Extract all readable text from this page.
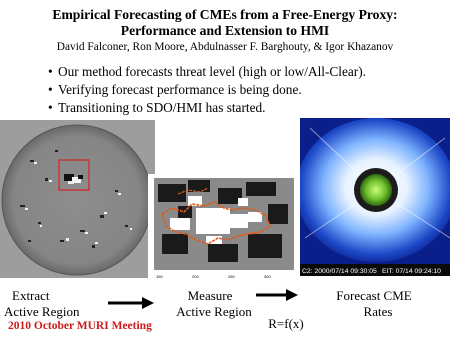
Empirical Forecasting of CMEs from a Free-Energy Proxy:
Performance and Extension to HMI
David Falconer, Ron Moore, Abdulnasser F. Barghouty, & Igor Khazanov
• Our method forecasts threat level (high or low/All-Clear).
• Verifying forecast performance is being done.
• Transitioning to SDO/HMI has started.
150	200	250	300
C2: 2000/07/14 09:30:05 EIT: 07/14 09:24:10
Extract
Active Region
Measure
Active Region
R=f(x)
Forecast CME
Rates
2010 October MURI Meeting
